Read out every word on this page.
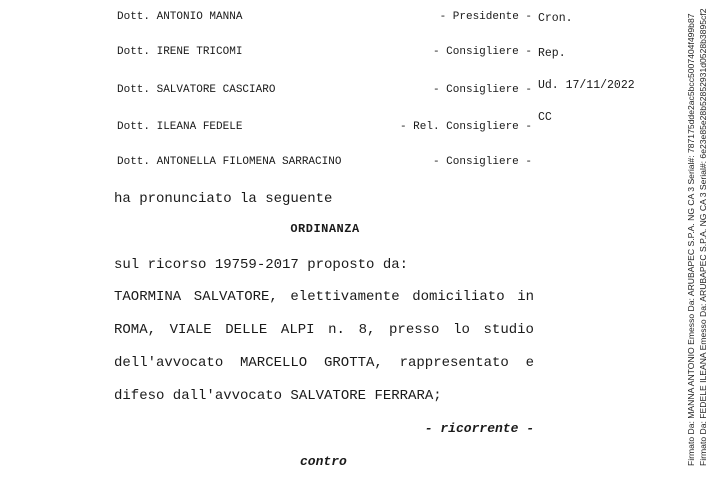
Dott. ANTONIO MANNA	- Presidente -
Dott. IRENE TRICOMI	- Consigliere -
Dott. SALVATORE CASCIARO	- Consigliere -
Dott. ILEANA FEDELE	- Rel. Consigliere -
Dott. ANTONELLA FILOMENA SARRACINO	- Consigliere -
Cron.
Rep.
Ud. 17/11/2022
CC
ha pronunciato la seguente
ORDINANZA
sul ricorso 19759-2017 proposto da:
TAORMINA SALVATORE, elettivamente domiciliato in
ROMA, VIALE DELLE ALPI n. 8, presso lo studio
dell'avvocato MARCELLO GROTTA, rappresentato e
difeso dall'avvocato SALVATORE FERRARA;
- ricorrente -
contro	Firmato Da: MANNA ANTONIO Emesso Da: ARUBAPEC S.P.A. NG CA 3 Serial#: 787175dde2ac5bcc5007404f499b87 Firmato Da: FEDELE ILEANA Emesso Da: ARUBAPEC S.P.A. NG CA 3 Serial#: 6e23e85e28b52852931d0528b3895cf2
